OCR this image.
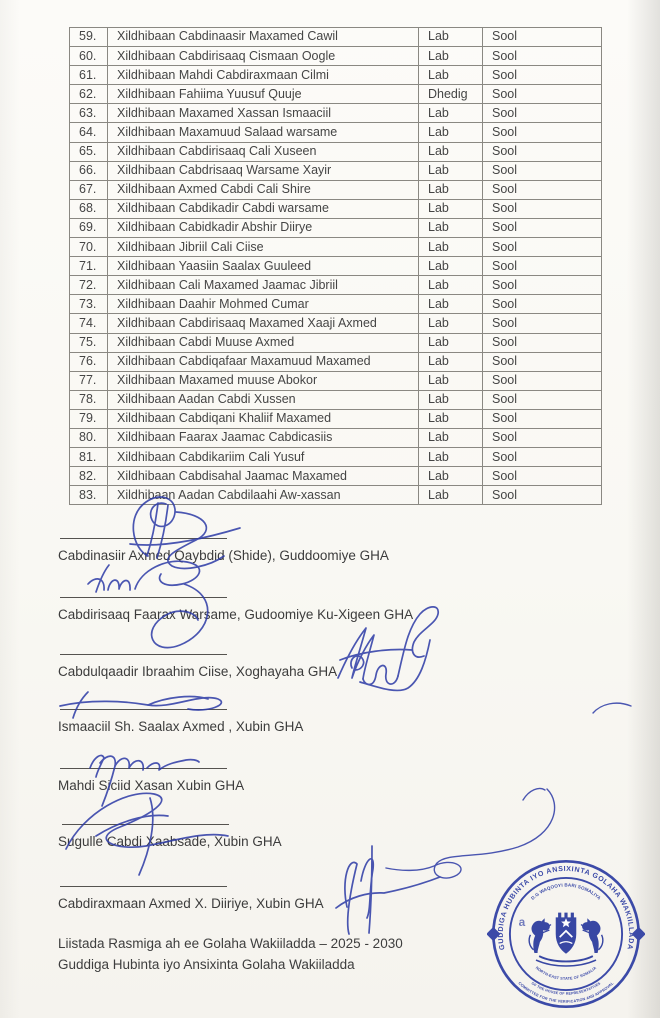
59.	Xildhibaan Cabdinaasir Maxamed Cawil	Lab	Sool
60.	Xildhibaan Cabdirisaaq Cismaan Oogle	Lab	Sool
61.	Xildhibaan Mahdi Cabdiraxmaan Cilmi	Lab	Sool
62.	Xildhibaan Fahiima Yuusuf Quuje	Dhedig	Sool
63.	Xildhibaan Maxamed Xassan Ismaaciil	Lab	Sool
64.	Xildhibaan Maxamuud Salaad warsame	Lab	Sool
65.	Xildhibaan Cabdirisaaq Cali Xuseen	Lab	Sool
66.	Xildhibaan Cabdrisaaq Warsame Xayir	Lab	Sool
67.	Xildhibaan Axmed Cabdi Cali Shire	Lab	Sool
68.	Xildhibaan Cabdikadir Cabdi warsame	Lab	Sool
69.	Xildhibaan Cabidkadir Abshir Diirye	Lab	Sool
70.	Xildhibaan Jibriil Cali Ciise	Lab	Sool
71.	Xildhibaan Yaasiin Saalax Guuleed	Lab	Sool
72.	Xildhibaan Cali Maxamed Jaamac Jibriil	Lab	Sool
73.	Xildhibaan Daahir Mohmed Cumar	Lab	Sool
74.	Xildhibaan Cabdirisaaq Maxamed Xaaji Axmed	Lab	Sool
75.	Xildhibaan Cabdi Muuse Axmed	Lab	Sool
76.	Xildhibaan Cabdiqafaar Maxamuud Maxamed	Lab	Sool
77.	Xildhibaan Maxamed muuse Abokor	Lab	Sool
78.	Xildhibaan Aadan Cabdi Xussen	Lab	Sool
79.	Xildhibaan Cabdiqani Khaliif Maxamed	Lab	Sool
80.	Xildhibaan Faarax Jaamac Cabdicasiis	Lab	Sool
81.	Xildhibaan Cabdikariim Cali Yusuf	Lab	Sool
82.	Xildhibaan Cabdisahal Jaamac Maxamed	Lab	Sool
83.	Xildhibaan Aadan Cabdilaahi Aw-xassan	Lab	Sool
Cabdinasiir Axmed Qaybdid (Shide), Guddoomiye GHA
Cabdirisaaq Faarax Warsame, Gudoomiye Ku-Xigeen GHA
Cabdulqaadir Ibraahim Ciise, Xoghayaha GHA
Ismaaciil Sh. Saalax Axmed , Xubin GHA
Mahdi Siciid Xasan Xubin GHA
Sugulle Cabdi Xaabsade, Xubin GHA
Cabdiraxmaan Axmed X. Diiriye, Xubin GHA
Liistada Rasmiga ah ee Golaha Wakiiladda – 2025 - 2030
Guddiga Hubinta iyo Ansixinta Golaha Wakiiladda
GUDDIGA HUBINTA IYO ANSIXINTA GOLAHA WAKIILLADA
D.G WAQOOYI BARI SOMALIYA
NORTH-EAST STATE OF SOMALIA
COMMITTEE FOR THE VERIFICATION AND APPROVAL
OF THE HOUSE OF REPRESENTATIVES
a
